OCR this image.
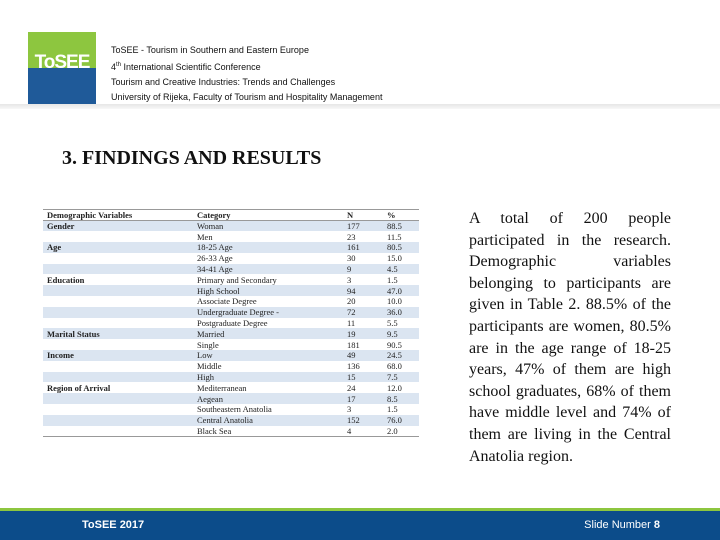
ToSEE
ToSEE - Tourism in Southern and Eastern Europe
4th International Scientific Conference
Tourism and Creative Industries: Trends and Challenges
University of Rijeka, Faculty of Tourism and Hospitality Management
3. FINDINGS AND RESULTS
Demographic Variables	Category	N	%
Gender	Woman	177	88.5
	Men	23	11.5
Age	18-25 Age	161	80.5
	26-33 Age	30	15.0
	34-41 Age	9	4.5
Education	Primary and Secondary	3	1.5
	High School	94	47.0
	Associate Degree	20	10.0
	Undergraduate Degree -	72	36.0
	Postgraduate Degree	11	5.5
Marital Status	Married	19	9.5
	Single	181	90.5
Income	Low	49	24.5
	Middle	136	68.0
	High	15	7.5
Region of Arrival	Mediterranean	24	12.0
	Aegean	17	8.5
	Southeastern Anatolia	3	1.5
	Central Anatolia	152	76.0
	Black Sea	4	2.0
A total of 200 people participated in the research. Demographic variables belonging to participants are given in Table 2. 88.5% of the participants are women, 80.5% are in the age range of 18-25 years, 47% of them are high school graduates, 68% of them have middle level and 74% of them are living in the Central Anatolia region.
ToSEE 2017	Slide Number 8
